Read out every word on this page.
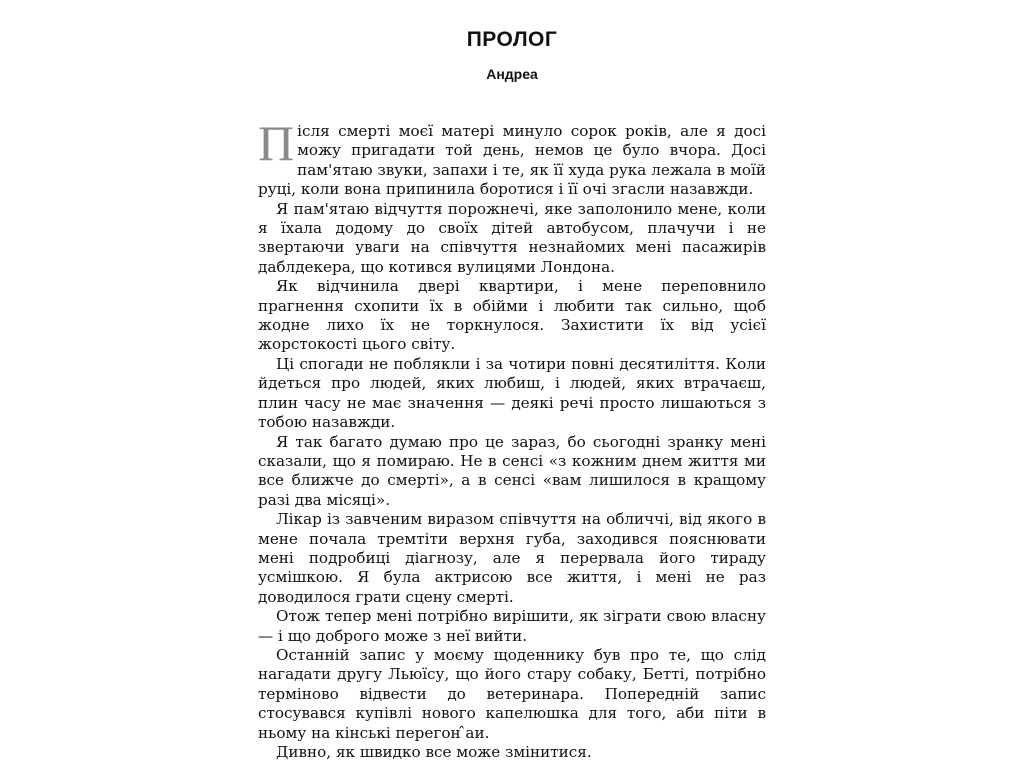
ПРОЛОГ
Андреа

Після смерті моєї матері минуло сорок років, але я досі можу пригадати той день, немов це було вчора. Досі пам'ятаю звуки, запахи і те, як її худа рука лежала в моїй руці, коли вона припинила боротися і її очі згасли назавжди.

Я пам'ятаю відчуття порожнечі, яке заполонило мене, коли я їхала додому до своїх дітей автобусом, плачучи і не звертаючи уваги на співчуття незнайомих мені пасажирів даблдекера, що котився вулицями Лондона.

Як відчинила двері квартири, і мене переповнило прагнення схопити їх в обійми і любити так сильно, щоб жодне лихо їх не торкнулося. Захистити їх від усієї жорстокості цього світу.

Ці спогади не поблякли і за чотири повні десятиліття. Коли йдеться про людей, яких любиш, і людей, яких втрачаєш, плин часу не має значення — деякі речі просто лишаються з тобою назавжди.

Я так багато думаю про це зараз, бо сьогодні зранку мені сказали, що я помираю. Не в сенсі «з кожним днем життя ми все ближче до смерті», а в сенсі «вам лишилося в кращому разі два місяці».

Лікар із завченим виразом співчуття на обличчі, від якого в мене почала тремтіти верхня губа, заходився пояснювати мені подробиці діагнозу, але я перервала його тираду усмішкою. Я була актрисою все життя, і мені не раз доводилося грати сцену смерті.

Отож тепер мені потрібно вирішити, як зіграти свою власну — і що доброго може з неї вийти.

Останній запис у моєму щоденнику був про те, що слід нагадати другу Льюїсу, що його стару собаку, Бетті, потрібно терміново відвести до ветеринара. Попередній запис стосувався купівлі нового капелюшка для того, аби піти в ньому на кінські перегон ̂аи.

Дивно, як швидко все може змінитися.
